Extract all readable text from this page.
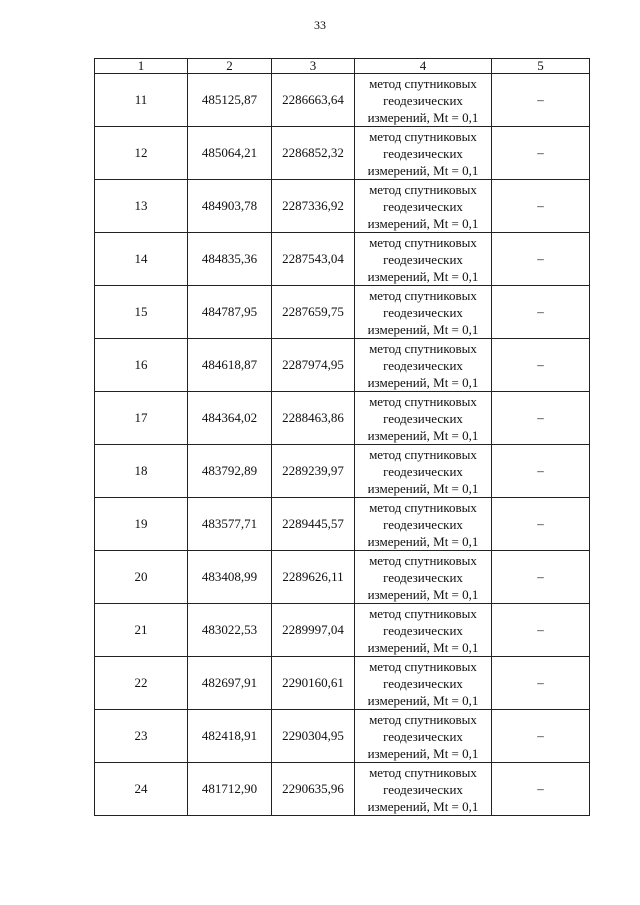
33
1	2	3	4	5
11	485125,87	2286663,64	метод спутниковых
геодезических
измерений, Mt = 0,1	–
12	485064,21	2286852,32	метод спутниковых
геодезических
измерений, Mt = 0,1	–
13	484903,78	2287336,92	метод спутниковых
геодезических
измерений, Mt = 0,1	–
14	484835,36	2287543,04	метод спутниковых
геодезических
измерений, Mt = 0,1	–
15	484787,95	2287659,75	метод спутниковых
геодезических
измерений, Mt = 0,1	–
16	484618,87	2287974,95	метод спутниковых
геодезических
измерений, Mt = 0,1	–
17	484364,02	2288463,86	метод спутниковых
геодезических
измерений, Mt = 0,1	–
18	483792,89	2289239,97	метод спутниковых
геодезических
измерений, Mt = 0,1	–
19	483577,71	2289445,57	метод спутниковых
геодезических
измерений, Mt = 0,1	–
20	483408,99	2289626,11	метод спутниковых
геодезических
измерений, Mt = 0,1	–
21	483022,53	2289997,04	метод спутниковых
геодезических
измерений, Mt = 0,1	–
22	482697,91	2290160,61	метод спутниковых
геодезических
измерений, Mt = 0,1	–
23	482418,91	2290304,95	метод спутниковых
геодезических
измерений, Mt = 0,1	–
24	481712,90	2290635,96	метод спутниковых
геодезических
измерений, Mt = 0,1	–
